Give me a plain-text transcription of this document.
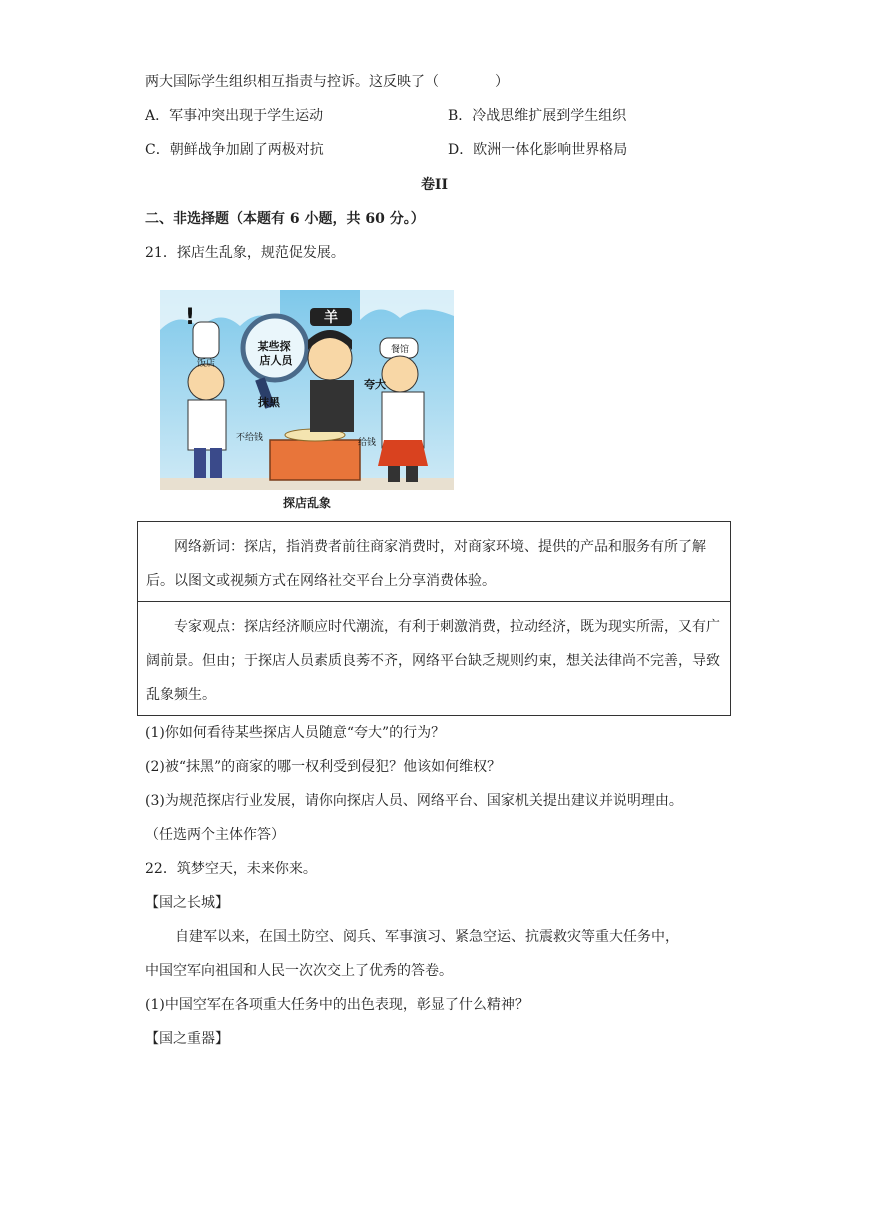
两大国际学生组织相互指责与控诉。这反映了（　　　　）
A．军事冲突出现于学生运动	B．冷战思维扩展到学生组织
C．朝鲜战争加剧了两极对抗	D．欧洲一体化影响世界格局
卷II
二、非选择题（本题有 6 小题，共 60 分。）
21．探店生乱象，规范促发展。
羊
!
饭店
餐馆
某些探 店人员
夸大
抹黑
不给钱	给钱
探店乱象
网络新词：探店，指消费者前往商家消费时，对商家环境、提供的产品和服务有所了解后。以图文或视频方式在网络社交平台上分享消费体验。
专家观点：探店经济顺应时代潮流，有利于刺激消费，拉动经济，既为现实所需，又有广阔前景。但由；于探店人员素质良莠不齐，网络平台缺乏规则约束，想关法律尚不完善，导致乱象频生。
(1)你如何看待某些探店人员随意“夸大”的行为？
(2)被“抹黑”的商家的哪一权利受到侵犯？他该如何维权？
(3)为规范探店行业发展，请你向探店人员、网络平台、国家机关提出建议并说明理由。
（任选两个主体作答）
22．筑梦空天，未来你来。
【国之长城】
自建军以来，在国土防空、阅兵、军事演习、紧急空运、抗震救灾等重大任务中，
中国空军向祖国和人民一次次交上了优秀的答卷。
(1)中国空军在各项重大任务中的出色表现，彰显了什么精神？
【国之重器】
